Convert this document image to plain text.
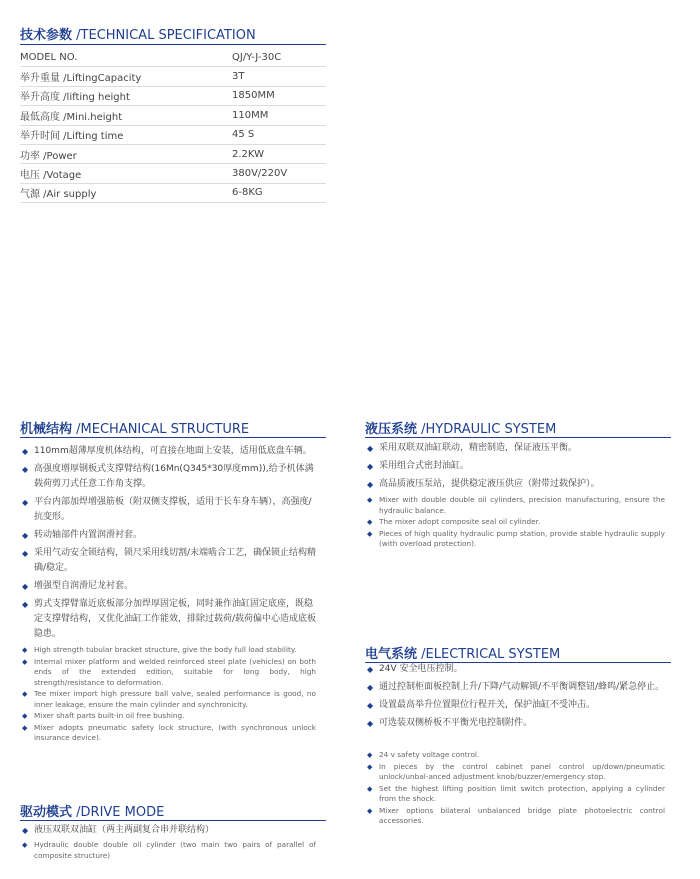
技术参数 /TECHNICAL SPECIFICATION
MODEL NO.	QJ/Y-J-30C
举升重量 /LiftingCapacity	3T
举升高度 /lifting height	1850MM
最低高度 /Mini.height	110MM
举升时间 /Lifting time	45 S
功率 /Power	2.2KW
电压 /Votage	380V/220V
气源 /Air supply	6-8KG
机械结构 /MECHANICAL STRUCTURE
◆ 110mm超薄厚度机体结构，可直接在地面上安装，适用低底盘车辆。
◆ 高强度增厚钢板式支撑臂结构(16Mn(Q345*30厚度mm)),给予机体满载荷剪刀式任意工作角支撑。
◆ 平台内部加焊增强筋板（附双侧支撑板，适用于长车身车辆），高强度/抗变形。
◆ 转动轴部件内置润滑衬套。
◆ 采用气动安全锁结构，锁尺采用线切割/末端啮合工艺，确保锁止结构精确/稳定。
◆ 增强型自润滑尼龙衬套。
◆ 剪式支撑臂靠近底板部分加焊厚固定板，同时兼作油缸固定底座，既稳定支撑臂结构，又优化油缸工作能效，排除过载荷/载荷偏中心造成底板隐患。
◆ High strength tubular bracket structure, give the body full load stability.
◆ Internal mixer platform and welded reinforced steel plate (vehicles) on both ends of the extended edition, suitable for long body, high strength/resistance to deformation.
◆ Tee mixer import high pressure ball valve, sealed performance is good, no inner leakage, ensure the main cylinder and synchronicity.
◆ Mixer shaft parts built-in oil free bushing.
◆ Mixer adopts pneumatic safety lock structure, (with synchronous unlock insurance device).
驱动模式 /DRIVE MODE
◆ 液压双联双油缸（两主两副复合串并联结构）
◆ Hydraulic double double oil cylinder (two main two pairs of parallel of composite structure)
液压系统 /HYDRAULIC SYSTEM
◆ 采用双联双油缸联动，精密制造，保证液压平衡。
◆ 采用组合式密封油缸。
◆ 高品质液压泵站，提供稳定液压供应（附带过载保护）。
◆ Mixer with double double oil cylinders, precision manufacturing, ensure the hydraulic balance.
◆ The mixer adopt composite seal oil cylinder.
◆ Pieces of high quality hydraulic pump station, provide stable hydraulic supply (with overload protection).
电气系统 /ELECTRICAL SYSTEM
◆ 24V 安全电压控制。
◆ 通过控制柜面板控制上升/下降/气动解锁/不平衡调整钮/蜂鸣/紧急停止。
◆ 设置最高举升位置限位行程开关，保护油缸不受冲击。
◆ 可选装双侧桥板不平衡光电控制附件。
◆ 24 v safety voltage control.
◆ In pieces by the control cabinet panel control up/down/pneumatic unlock/unbal-anced adjustment knob/buzzer/emergency stop.
◆ Set the highest lifting position limit switch protection, applying a cylinder from the shock.
◆ Mixer options bilateral unbalanced bridge plate photoelectric control accessories.
